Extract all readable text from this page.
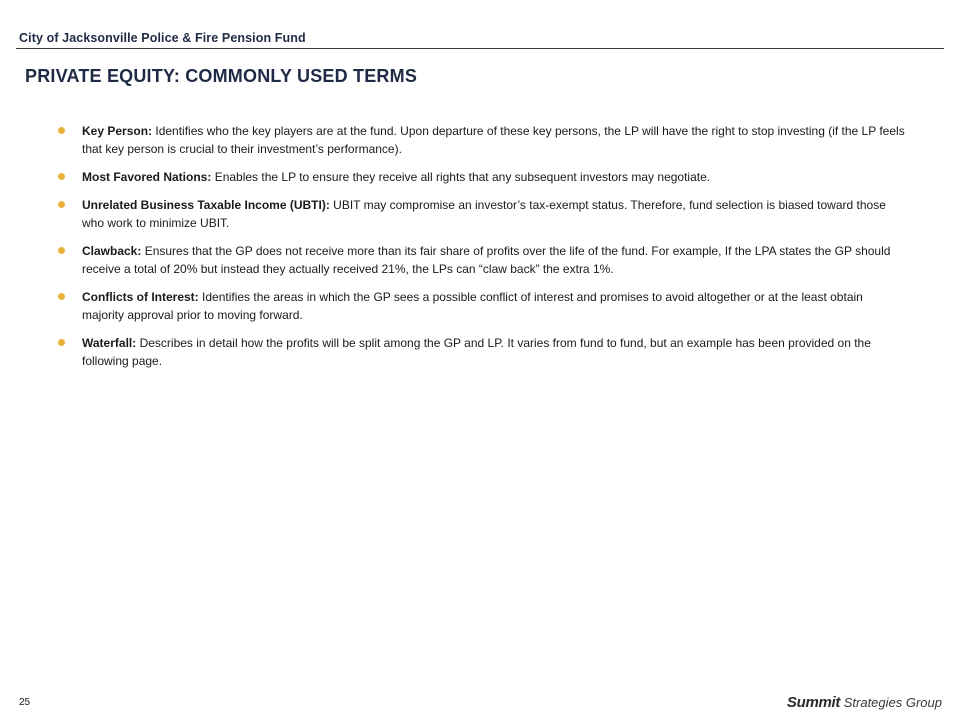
City of Jacksonville Police & Fire Pension Fund
PRIVATE EQUITY: COMMONLY USED TERMS
Key Person: Identifies who the key players are at the fund. Upon departure of these key persons, the LP will have the right to stop investing (if the LP feels that key person is crucial to their investment’s performance).
Most Favored Nations: Enables the LP to ensure they receive all rights that any subsequent investors may negotiate.
Unrelated Business Taxable Income (UBTI): UBIT may compromise an investor’s tax-exempt status. Therefore, fund selection is biased toward those who work to minimize UBIT.
Clawback: Ensures that the GP does not receive more than its fair share of profits over the life of the fund. For example, If the LPA states the GP should receive a total of 20% but instead they actually received 21%, the LPs can “claw back” the extra 1%.
Conflicts of Interest: Identifies the areas in which the GP sees a possible conflict of interest and promises to avoid altogether or at the least obtain majority approval prior to moving forward.
Waterfall: Describes in detail how the profits will be split among the GP and LP. It varies from fund to fund, but an example has been provided on the following page.
25	Summit Strategies Group
